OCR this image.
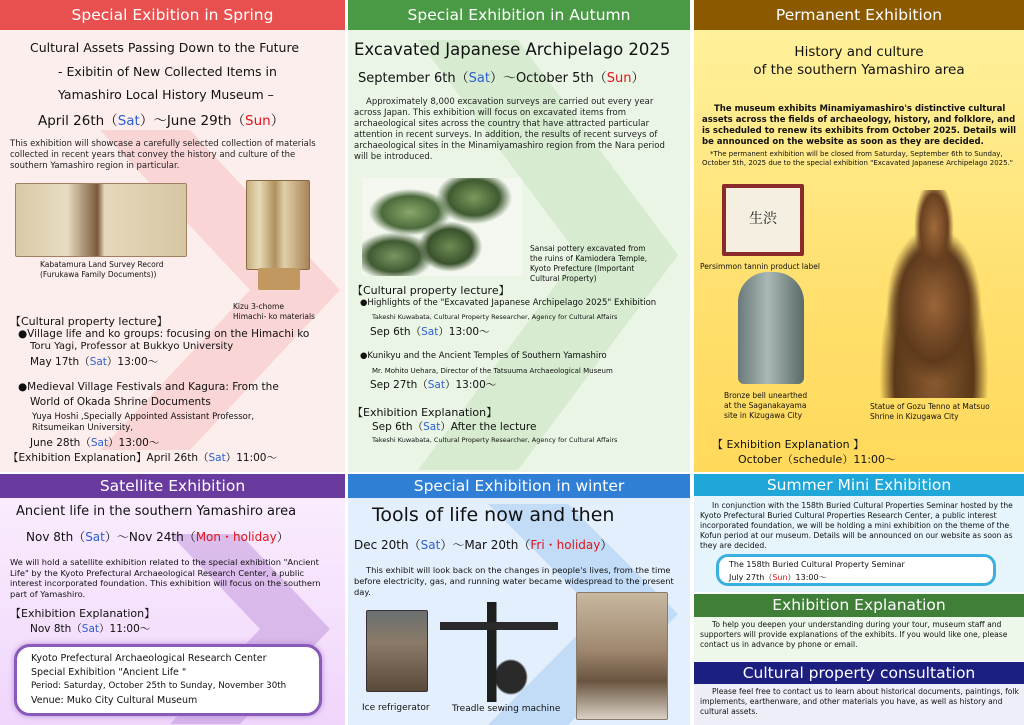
Special Exibition in Spring
Cultural Assets Passing Down to the Future
- Exibitin of New Collected Items in
Yamashiro Local History Museum –
April 26th（Sat）～June 29th（Sun）
This exhibition will showcase a carefully selected collection of materials collected in recent years that convey the history and culture of the southern Yamashiro region in particular.
Kabatamura Land Survey Record
(Furukawa Family Documents))
Kizu 3-chome
Himachi- ko materials
【Cultural property lecture】
●Village life and ko groups: focusing on the Himachi ko
Toru Yagi, Professor at Bukkyo University
May 17th（Sat）13:00～
●Medieval Village Festivals and Kagura: From the
World of Okada Shrine Documents
Yuya Hoshi ,Specially Appointed Assistant Professor,
Ritsumeikan University,
June 28th（Sat）13:00～
【Exhibition Explanation】April 26th（Sat）11:00～
Special Exhibition in Autumn
Excavated Japanese Archipelago 2025
September 6th（Sat）～October 5th（Sun）
Approximately 8,000 excavation surveys are carried out every year across Japan. This exhibition will focus on excavated items from archaeological sites across the country that have attracted particular attention in recent surveys. In addition, the results of recent surveys of archaeological sites in the Minamiyamashiro region from the Nara period will be introduced.
Sansai pottery excavated from
the ruins of Kamiodera Temple,
Kyoto Prefecture (Important
Cultural Property)
【Cultural property lecture】
●Highlights of the "Excavated Japanese Archipelago 2025" Exhibition
Takeshi Kuwabata, Cultural Property Researcher, Agency for Cultural Affairs
Sep 6th（Sat）13:00～
●Kunikyu and the Ancient Temples of Southern Yamashiro
Mr. Mohito Uehara, Director of the Tatsuuma Archaeological Museum
Sep 27th（Sat）13:00～
【Exhibition Explanation】
Sep 6th（Sat）After the lecture
Takeshi Kuwabata, Cultural Property Researcher, Agency for Cultural Affairs
Permanent Exhibition
History and culture
of the southern Yamashiro area
The museum exhibits Minamiyamashiro's distinctive cultural assets across the fields of archaeology, history, and folklore, and is scheduled to renew its exhibits from October 2025. Details will be announced on the website as soon as they are decided.
*The permanent exhibition will be closed from Saturday, September 6th to Sunday, October 5th, 2025 due to the special exhibition "Excavated Japanese Archipelago 2025."
生渋
Persimmon tannin product label
Bronze bell unearthed
at the Saganakayama
site in Kizugawa City
Statue of Gozu Tenno at Matsuo
Shrine in Kizugawa City
【 Exhibition Explanation 】
October（schedule）11:00～
Satellite Exhibition
Ancient life in the southern Yamashiro area
Nov 8th（Sat）～Nov 24th（Mon・holiday）
We will hold a satellite exhibition related to the special exhibition "Ancient Life" by the Kyoto Prefectural Archaeological Research Center, a public interest incorporated foundation. This exhibition will focus on the southern part of Yamashiro.
【Exhibition Explanation】
Nov 8th（Sat）11:00～
Kyoto Prefectural Archaeological Research Center
Special Exhibition "Ancient Life "
Period: Saturday, October 25th to Sunday, November 30th
Venue: Muko City Cultural Museum
Special Exhibition in winter
Tools of life now and then
Dec 20th（Sat）～Mar 20th（Fri・holiday）
This exhibit will look back on the changes in people's lives, from the time before electricity, gas, and running water became widespread to the present day.
Ice refrigerator Treadle sewing machine
Summer Mini Exhibition
In conjunction with the 158th Buried Cultural Properties Seminar hosted by the Kyoto Prefectural Buried Cultural Properties Research Center, a public interest incorporated foundation, we will be holding a mini exhibition on the theme of the Kofun period at our museum. Details will be announced on our website as soon as they are decided.
The 158th Buried Cultural Property Seminar
July 27th（Sun）13:00～
Exhibition Explanation
To help you deepen your understanding during your tour, museum staff and supporters will provide explanations of the exhibits. If you would like one, please contact us in advance by phone or email.
Cultural property consultation
Please feel free to contact us to learn about historical documents, paintings, folk implements, earthenware, and other materials you have, as well as history and cultural assets.
